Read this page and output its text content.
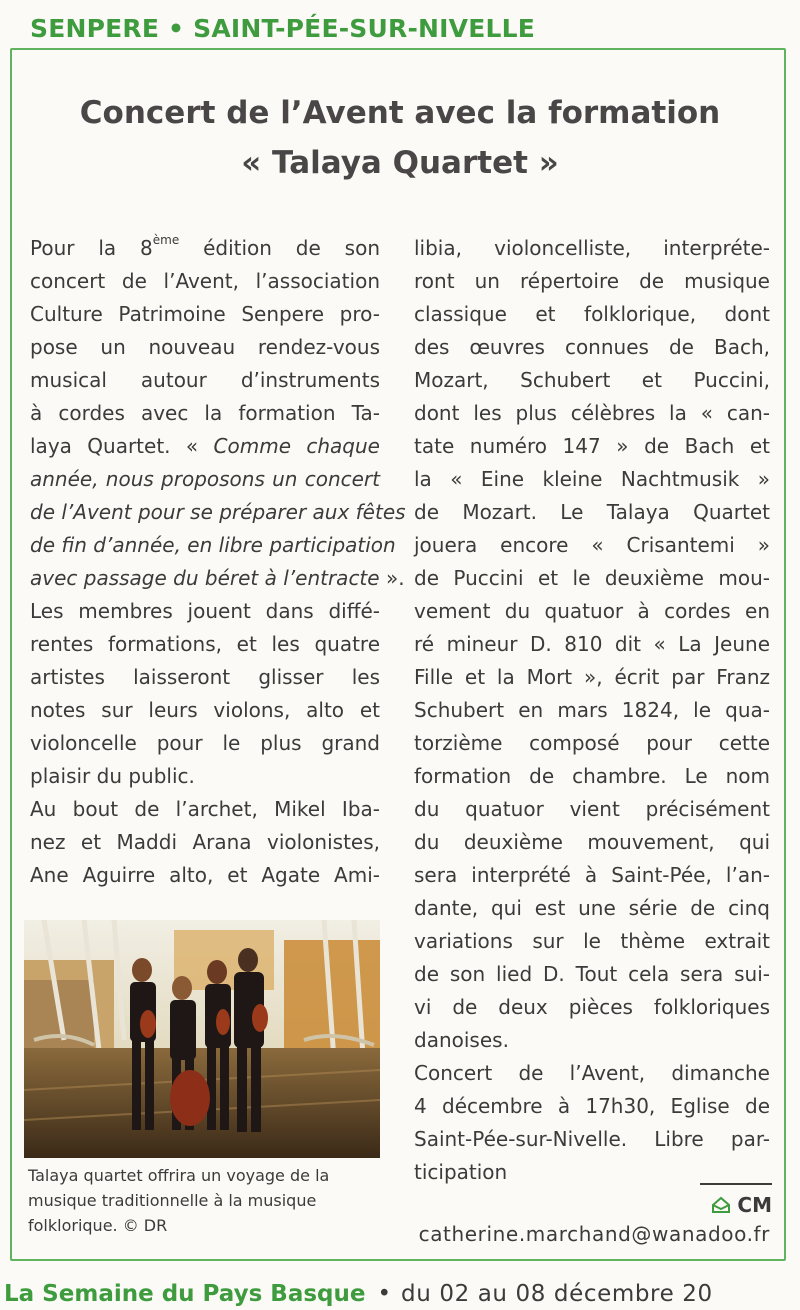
SENPERE • SAINT-PÉE-SUR-NIVELLE
Concert de l’Avent avec la formation
« Talaya Quartet »
Pour la 8ème édition de son
concert de l’Avent, l’association
Culture Patrimoine Senpere pro-
pose un nouveau rendez-vous
musical autour d’instruments
à cordes avec la formation Ta-
laya Quartet. « Comme chaque
année, nous proposons un concert
de l’Avent pour se préparer aux fêtes
de fin d’année, en libre participation
avec passage du béret à l’entracte ».
Les membres jouent dans diffé-
rentes formations, et les quatre
artistes laisseront glisser les
notes sur leurs violons, alto et
violoncelle pour le plus grand
plaisir du public.
Au bout de l’archet, Mikel Iba-
nez et Maddi Arana violonistes,
Ane Aguirre alto, et Agate Ami-
Talaya quartet offrira un voyage de la
musique traditionnelle à la musique
folklorique. © DR
libia, violoncelliste, interpréte-
ront un répertoire de musique
classique et folklorique, dont
des œuvres connues de Bach,
Mozart, Schubert et Puccini,
dont les plus célèbres la « can-
tate numéro 147 » de Bach et
la « Eine kleine Nachtmusik »
de Mozart. Le Talaya Quartet
jouera encore « Crisantemi »
de Puccini et le deuxième mou-
vement du quatuor à cordes en
ré mineur D. 810 dit « La Jeune
Fille et la Mort », écrit par Franz
Schubert en mars 1824, le qua-
torzième composé pour cette
formation de chambre. Le nom
du quatuor vient précisément
du deuxième mouvement, qui
sera interprété à Saint-Pée, l’an-
dante, qui est une série de cinq
variations sur le thème extrait
de son lied D. Tout cela sera sui-
vi de deux pièces folkloriques
danoises.
Concert de l’Avent, dimanche
4 décembre à 17h30, Eglise de
Saint-Pée-sur-Nivelle. Libre par-
ticipation
CM
catherine.marchand@wanadoo.fr
La Semaine du Pays Basque • du 02 au 08 décembre 20
